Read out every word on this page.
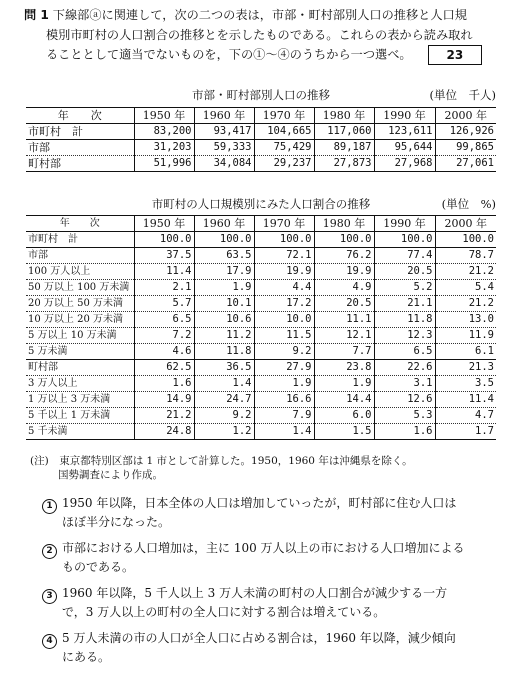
問 1 下線部ⓐに関連して，次の二つの表は，市部・町村部別人口の推移と人口規
模別市町村の人口割合の推移とを示したものである。これらの表から読み取れ
ることとして適当でないものを，下の①〜④のうちから一つ選べ。	23
市部・町村部別人口の推移	(単位　千人)
年　　次	1950 年	1960 年	1970 年	1980 年	1990 年	2000 年
市町村　計	83,200	93,417	104,665	117,060	123,611	126,926
市部	31,203	59,333	75,429	89,187	95,644	99,865
町村部	51,996	34,084	29,237	27,873	27,968	27,061
市町村の人口規模別にみた人口割合の推移	(単位　%)
年　　次	1950 年	1960 年	1970 年	1980 年	1990 年	2000 年
市町村　計	100.0	100.0	100.0	100.0	100.0	100.0
市部	37.5	63.5	72.1	76.2	77.4	78.7
100 万人以上	11.4	17.9	19.9	19.9	20.5	21.2
50 万以上 100 万未満	2.1	1.9	4.4	4.9	5.2	5.4
20 万以上 50 万未満	5.7	10.1	17.2	20.5	21.1	21.2
10 万以上 20 万未満	6.5	10.6	10.0	11.1	11.8	13.0
5 万以上 10 万未満	7.2	11.2	11.5	12.1	12.3	11.9
5 万未満	4.6	11.8	9.2	7.7	6.5	6.1
町村部	62.5	36.5	27.9	23.8	22.6	21.3
3 万人以上	1.6	1.4	1.9	1.9	3.1	3.5
1 万以上 3 万未満	14.9	24.7	16.6	14.4	12.6	11.4
5 千以上 1 万未満	21.2	9.2	7.9	6.0	5.3	4.7
5 千未満	24.8	1.2	1.4	1.5	1.6	1.7
(注)　東京都特別区部は 1 市として計算した。1950，1960 年は沖縄県を除く。
国勢調査により作成。
1 1950 年以降，日本全体の人口は増加していったが，町村部に住む人口は
ほぼ半分になった。
2 市部における人口増加は，主に 100 万人以上の市における人口増加による
ものである。
3 1960 年以降，5 千人以上 3 万人未満の町村の人口割合が減少する一方
で，3 万人以上の町村の全人口に対する割合は増えている。
4 5 万人未満の市の人口が全人口に占める割合は，1960 年以降，減少傾向
にある。
